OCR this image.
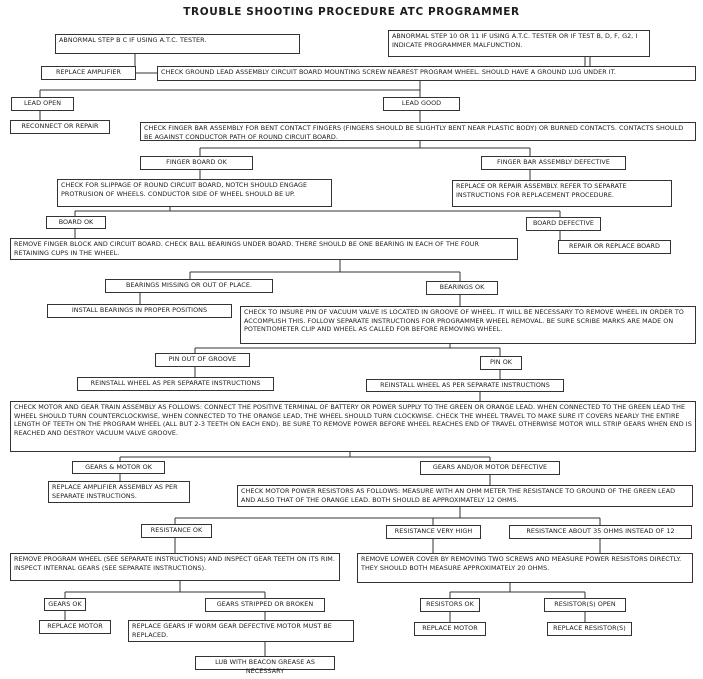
TROUBLE SHOOTING PROCEDURE ATC PROGRAMMER
ABNORMAL STEP B C IF USING A.T.C. TESTER.	ABNORMAL STEP 10 OR 11 IF USING A.T.C. TESTER OR IF TEST B, D, F, G2, I INDICATE PROGRAMMER MALFUNCTION.
REPLACE AMPLIFIER	CHECK GROUND LEAD ASSEMBLY CIRCUIT BOARD MOUNTING SCREW NEAREST PROGRAM WHEEL. SHOULD HAVE A GROUND LUG UNDER IT.
LEAD OPEN	LEAD GOOD
RECONNECT OR REPAIR	CHECK FINGER BAR ASSEMBLY FOR BENT CONTACT FINGERS (FINGERS SHOULD BE SLIGHTLY BENT NEAR PLASTIC BODY) OR BURNED CONTACTS. CONTACTS SHOULD BE AGAINST CONDUCTOR PATH OF ROUND CIRCUIT BOARD.
FINGER BOARD OK	FINGER BAR ASSEMBLY DEFECTIVE
CHECK FOR SLIPPAGE OF ROUND CIRCUIT BOARD, NOTCH SHOULD ENGAGE PROTRUSION OF WHEELS. CONDUCTOR SIDE OF WHEEL SHOULD BE UP.
REPLACE OR REPAIR ASSEMBLY. REFER TO SEPARATE INSTRUCTIONS FOR REPLACEMENT PROCEDURE.
BOARD OK	BOARD DEFECTIVE
REMOVE FINGER BLOCK AND CIRCUIT BOARD. CHECK BALL BEARINGS UNDER BOARD. THERE SHOULD BE ONE BEARING IN EACH OF THE FOUR RETAINING CUPS IN THE WHEEL.
REPAIR OR REPLACE BOARD
BEARINGS MISSING OR OUT OF PLACE.	BEARINGS OK
INSTALL BEARINGS IN PROPER POSITIONS	CHECK TO INSURE PIN OF VACUUM VALVE IS LOCATED IN GROOVE OF WHEEL. IT WILL BE NECESSARY TO REMOVE WHEEL IN ORDER TO ACCOMPLISH THIS. FOLLOW SEPARATE INSTRUCTIONS FOR PROGRAMMER WHEEL REMOVAL. BE SURE SCRIBE MARKS ARE MADE ON POTENTIOMETER CLIP AND WHEEL AS CALLED FOR BEFORE REMOVING WHEEL.
PIN OUT OF GROOVE	PIN OK
REINSTALL WHEEL AS PER SEPARATE INSTRUCTIONS	REINSTALL WHEEL AS PER SEPARATE INSTRUCTIONS
CHECK MOTOR AND GEAR TRAIN ASSEMBLY AS FOLLOWS: CONNECT THE POSITIVE TERMINAL OF BATTERY OR POWER SUPPLY TO THE GREEN OR ORANGE LEAD. WHEN CONNECTED TO THE GREEN LEAD THE WHEEL SHOULD TURN COUNTERCLOCKWISE, WHEN CONNECTED TO THE ORANGE LEAD, THE WHEEL SHOULD TURN CLOCKWISE. CHECK THE WHEEL TRAVEL TO MAKE SURE IT COVERS NEARLY THE ENTIRE LENGTH OF TEETH ON THE PROGRAM WHEEL (ALL BUT 2-3 TEETH ON EACH END). BE SURE TO REMOVE POWER BEFORE WHEEL REACHES END OF TRAVEL OTHERWISE MOTOR WILL STRIP GEARS WHEN END IS REACHED AND DESTROY VACUUM VALVE GROOVE.
GEARS & MOTOR OK	GEARS AND/OR MOTOR DEFECTIVE
REPLACE AMPLIFIER ASSEMBLY AS PER SEPARATE INSTRUCTIONS.
CHECK MOTOR POWER RESISTORS AS FOLLOWS: MEASURE WITH AN OHM METER THE RESISTANCE TO GROUND OF THE GREEN LEAD AND ALSO THAT OF THE ORANGE LEAD. BOTH SHOULD BE APPROXIMATELY 12 OHMS.
RESISTANCE OK	RESISTANCE VERY HIGH	RESISTANCE ABOUT 35 OHMS INSTEAD OF 12
REMOVE PROGRAM WHEEL (SEE SEPARATE INSTRUCTIONS) AND INSPECT GEAR TEETH ON ITS RIM. INSPECT INTERNAL GEARS (SEE SEPARATE INSTRUCTIONS).
REMOVE LOWER COVER BY REMOVING TWO SCREWS AND MEASURE POWER RESISTORS DIRECTLY. THEY SHOULD BOTH MEASURE APPROXIMATELY 20 OHMS.
GEARS OK	GEARS STRIPPED OR BROKEN	RESISTORS OK	RESISTOR(S) OPEN
REPLACE MOTOR	REPLACE GEARS IF WORM GEAR DEFECTIVE MOTOR MUST BE REPLACED.
REPLACE MOTOR	REPLACE RESISTOR(S)
LUB WITH BEACON GREASE AS NECESSARY
